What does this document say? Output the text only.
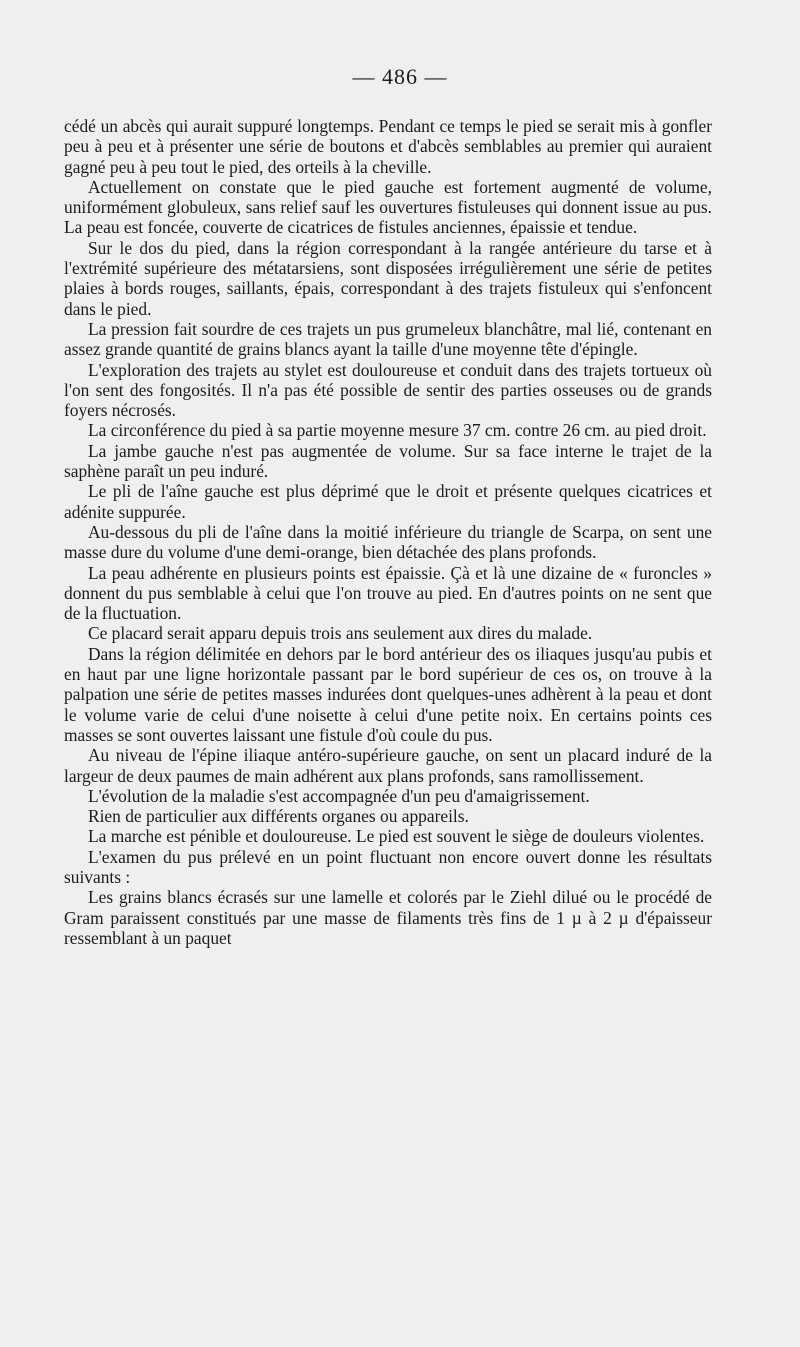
— 486 —

cédé un abcès qui aurait suppuré longtemps. Pendant ce temps le pied se serait mis à gonfler peu à peu et à présenter une série de boutons et d'abcès semblables au premier qui auraient gagné peu à peu tout le pied, des orteils à la cheville.

Actuellement on constate que le pied gauche est fortement augmenté de volume, uniformément globuleux, sans relief sauf les ouvertures fistuleuses qui donnent issue au pus. La peau est foncée, couverte de cicatrices de fistules anciennes, épaissie et tendue.

Sur le dos du pied, dans la région correspondant à la rangée antérieure du tarse et à l'extrémité supérieure des métatarsiens, sont disposées irrégulièrement une série de petites plaies à bords rouges, saillants, épais, correspondant à des trajets fistuleux qui s'enfoncent dans le pied.

La pression fait sourdre de ces trajets un pus grumeleux blanchâtre, mal lié, contenant en assez grande quantité de grains blancs ayant la taille d'une moyenne tête d'épingle.

L'exploration des trajets au stylet est douloureuse et conduit dans des trajets tortueux où l'on sent des fongosités. Il n'a pas été possible de sentir des parties osseuses ou de grands foyers nécrosés.

La circonférence du pied à sa partie moyenne mesure 37 cm. contre 26 cm. au pied droit.

La jambe gauche n'est pas augmentée de volume. Sur sa face interne le trajet de la saphène paraît un peu induré.

Le pli de l'aîne gauche est plus déprimé que le droit et présente quelques cicatrices et adénite suppurée.

Au-dessous du pli de l'aîne dans la moitié inférieure du triangle de Scarpa, on sent une masse dure du volume d'une demi-orange, bien détachée des plans profonds.

La peau adhérente en plusieurs points est épaissie. Çà et là une dizaine de « furoncles » donnent du pus semblable à celui que l'on trouve au pied. En d'autres points on ne sent que de la fluctuation.

Ce placard serait apparu depuis trois ans seulement aux dires du malade.

Dans la région délimitée en dehors par le bord antérieur des os iliaques jusqu'au pubis et en haut par une ligne horizontale passant par le bord supérieur de ces os, on trouve à la palpation une série de petites masses indurées dont quelques-unes adhèrent à la peau et dont le volume varie de celui d'une noisette à celui d'une petite noix. En certains points ces masses se sont ouvertes laissant une fistule d'où coule du pus.

Au niveau de l'épine iliaque antéro-supérieure gauche, on sent un placard induré de la largeur de deux paumes de main adhérent aux plans profonds, sans ramollissement.

L'évolution de la maladie s'est accompagnée d'un peu d'amaigrissement.

Rien de particulier aux différents organes ou appareils.

La marche est pénible et douloureuse. Le pied est souvent le siège de douleurs violentes.

L'examen du pus prélevé en un point fluctuant non encore ouvert donne les résultats suivants :

Les grains blancs écrasés sur une lamelle et colorés par le Ziehl dilué ou le procédé de Gram paraissent constitués par une masse de filaments très fins de 1 µ à 2 µ d'épaisseur ressemblant à un paquet
